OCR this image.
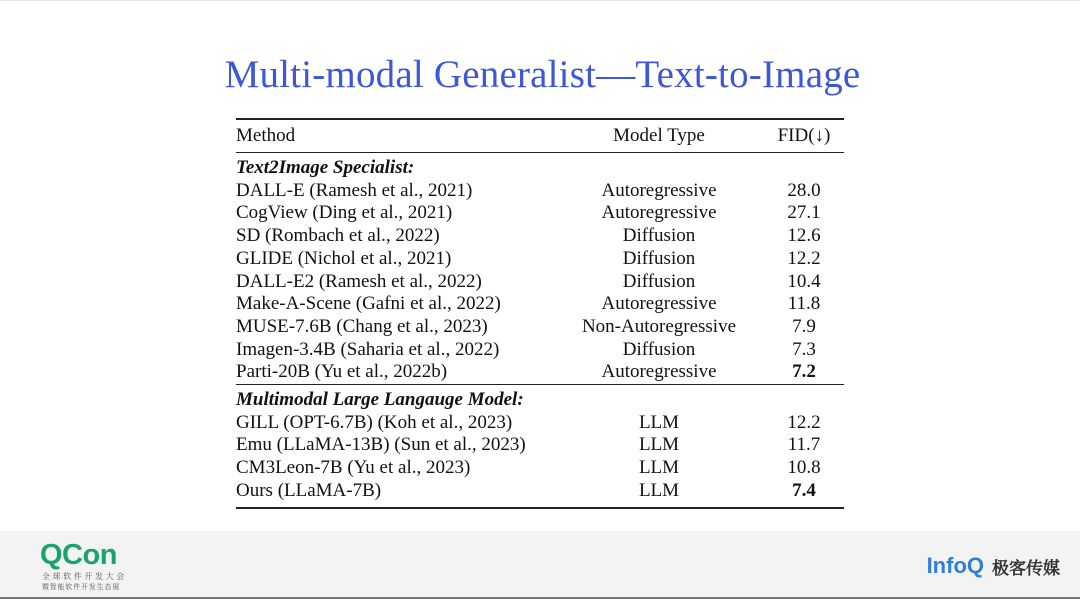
Multi-modal Generalist—Text-to-Image
Method	Model Type	FID(↓)
Text2Image Specialist:		
DALL-E (Ramesh et al., 2021)	Autoregressive	28.0
CogView (Ding et al., 2021)	Autoregressive	27.1
SD (Rombach et al., 2022)	Diffusion	12.6
GLIDE (Nichol et al., 2021)	Diffusion	12.2
DALL-E2 (Ramesh et al., 2022)	Diffusion	10.4
Make-A-Scene (Gafni et al., 2022)	Autoregressive	11.8
MUSE-7.6B (Chang et al., 2023)	Non-Autoregressive	7.9
Imagen-3.4B (Saharia et al., 2022)	Diffusion	7.3
Parti-20B (Yu et al., 2022b)	Autoregressive	7.2
Multimodal Large Langauge Model:		
GILL (OPT-6.7B) (Koh et al., 2023)	LLM	12.2
Emu (LLaMA-13B) (Sun et al., 2023)	LLM	11.7
CM3Leon-7B (Yu et al., 2023)	LLM	10.8
Ours (LLaMA-7B)	LLM	7.4
QCon
全球软件开发大会
暨智能软件开发生态展
InfoQ 极客传媒
